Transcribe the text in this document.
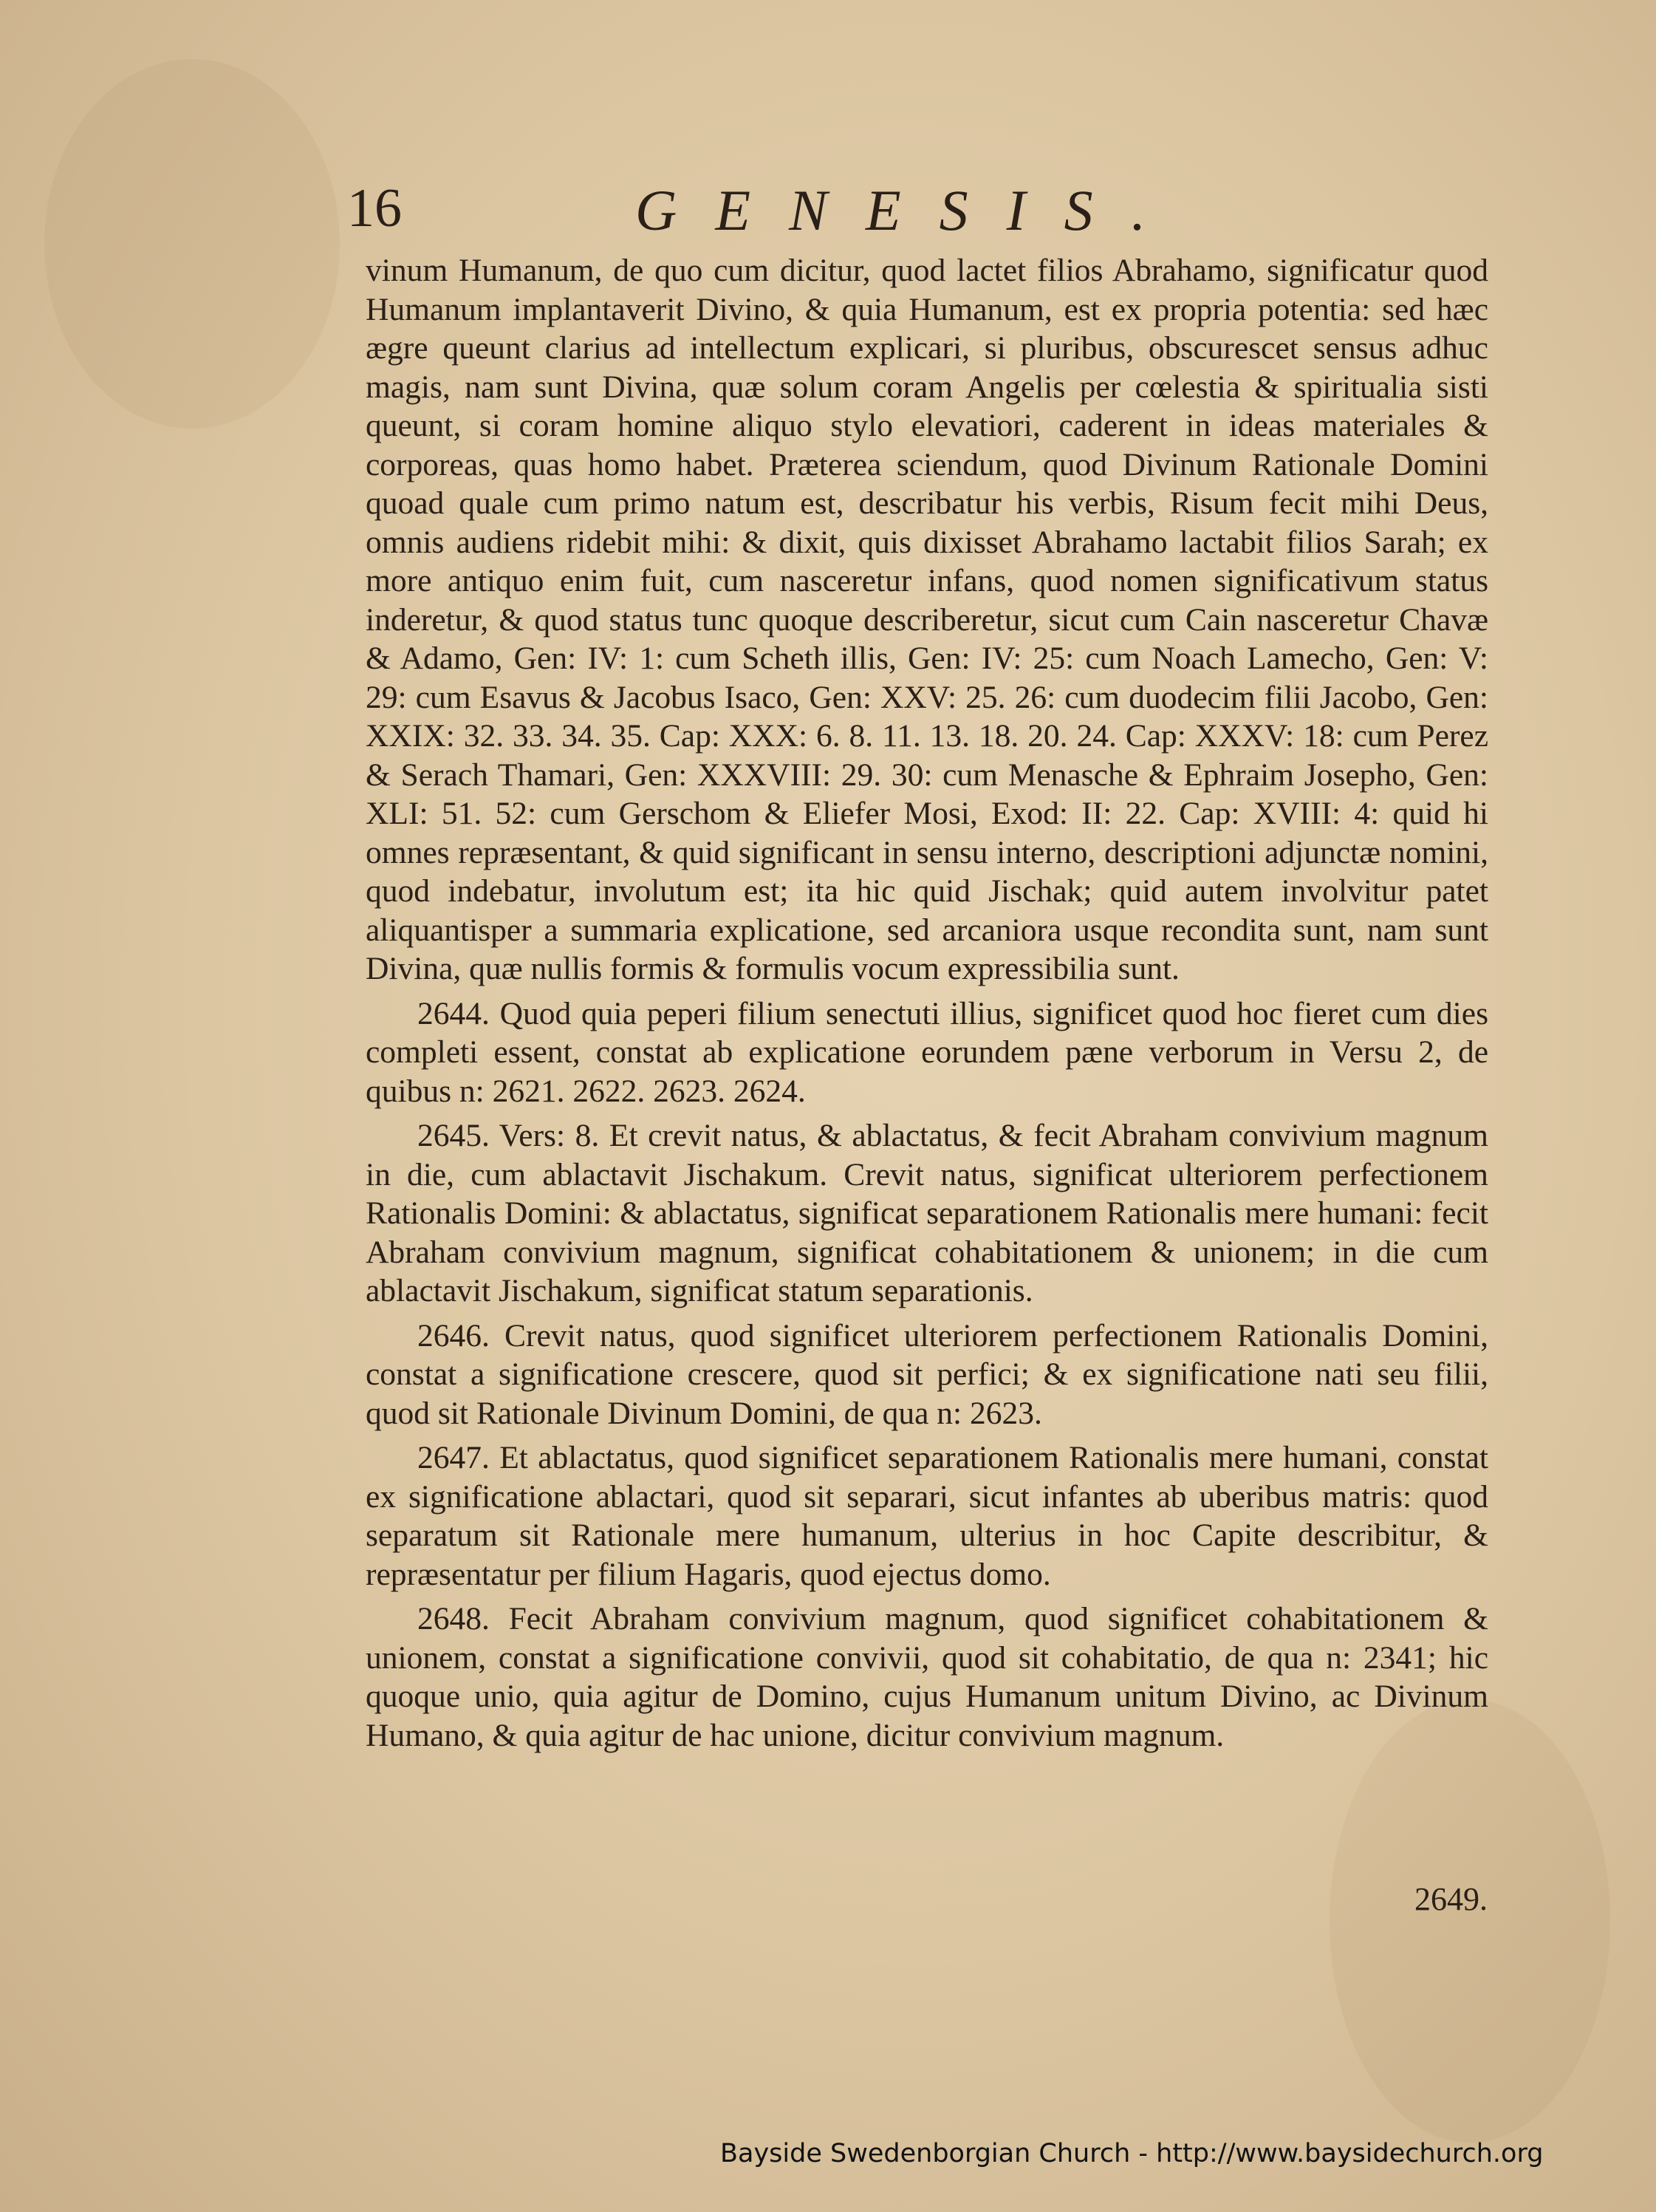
16	GENESIS.

vinum Humanum, de quo cum dicitur, quod lactet filios Abrahamo, significatur quod Humanum implantaverit Divino, & quia Humanum, est ex propria potentia: sed hæc ægre queunt clarius ad intellectum explicari, si pluribus, obscurescet sensus adhuc magis, nam sunt Divina, quæ solum coram Angelis per cœlestia & spiritualia sisti queunt, si coram homine aliquo stylo elevatiori, caderent in ideas materiales & corporeas, quas homo habet. Præterea sciendum, quod Divinum Rationale Domini quoad quale cum primo natum est, describatur his verbis, Risum fecit mihi Deus, omnis audiens ridebit mihi: & dixit, quis dixisset Abrahamo lactabit filios Sarah; ex more antiquo enim fuit, cum nasceretur infans, quod nomen significativum status inderetur, & quod status tunc quoque describeretur, sicut cum Cain nasceretur Chavæ & Adamo, Gen: IV: 1: cum Scheth illis, Gen: IV: 25: cum Noach Lamecho, Gen: V: 29: cum Esavus & Jacobus Isaco, Gen: XXV: 25. 26: cum duodecim filii Jacobo, Gen: XXIX: 32. 33. 34. 35. Cap: XXX: 6. 8. 11. 13. 18. 20. 24. Cap: XXXV: 18: cum Perez & Serach Thamari, Gen: XXXVIII: 29. 30: cum Menasche & Ephraim Josepho, Gen: XLI: 51. 52: cum Gerschom & Eliefer Mosi, Exod: II: 22. Cap: XVIII: 4: quid hi omnes repræsentant, & quid significant in sensu interno, descriptioni adjunctæ nomini, quod indebatur, involutum est; ita hic quid Jischak; quid autem involvitur patet aliquantisper a summaria explicatione, sed arcaniora usque recondita sunt, nam sunt Divina, quæ nullis formis & formulis vocum expressibilia sunt.

2644. Quod quia peperi filium senectuti illius, significet quod hoc fieret cum dies completi essent, constat ab explicatione eorundem pæne verborum in Versu 2, de quibus n: 2621. 2622. 2623. 2624.

2645. Vers: 8. Et crevit natus, & ablactatus, & fecit Abraham convivium magnum in die, cum ablactavit Jischakum. Crevit natus, significat ulteriorem perfectionem Rationalis Domini: & ablactatus, significat separationem Rationalis mere humani: fecit Abraham convivium magnum, significat cohabitationem & unionem; in die cum ablactavit Jischakum, significat statum separationis.

2646. Crevit natus, quod significet ulteriorem perfectionem Rationalis Domini, constat a significatione crescere, quod sit perfici; & ex significatione nati seu filii, quod sit Rationale Divinum Domini, de qua n: 2623.

2647. Et ablactatus, quod significet separationem Rationalis mere humani, constat ex significatione ablactari, quod sit separari, sicut infantes ab uberibus matris: quod separatum sit Rationale mere humanum, ulterius in hoc Capite describitur, & repræsentatur per filium Hagaris, quod ejectus domo.

2648. Fecit Abraham convivium magnum, quod significet cohabitationem & unionem, constat a significatione convivii, quod sit cohabitatio, de qua n: 2341; hic quoque unio, quia agitur de Domino, cujus Humanum unitum Divino, ac Divinum Humano, & quia agitur de hac unione, dicitur convivium magnum.

2649.
Bayside Swedenborgian Church - http://www.baysidechurch.org
